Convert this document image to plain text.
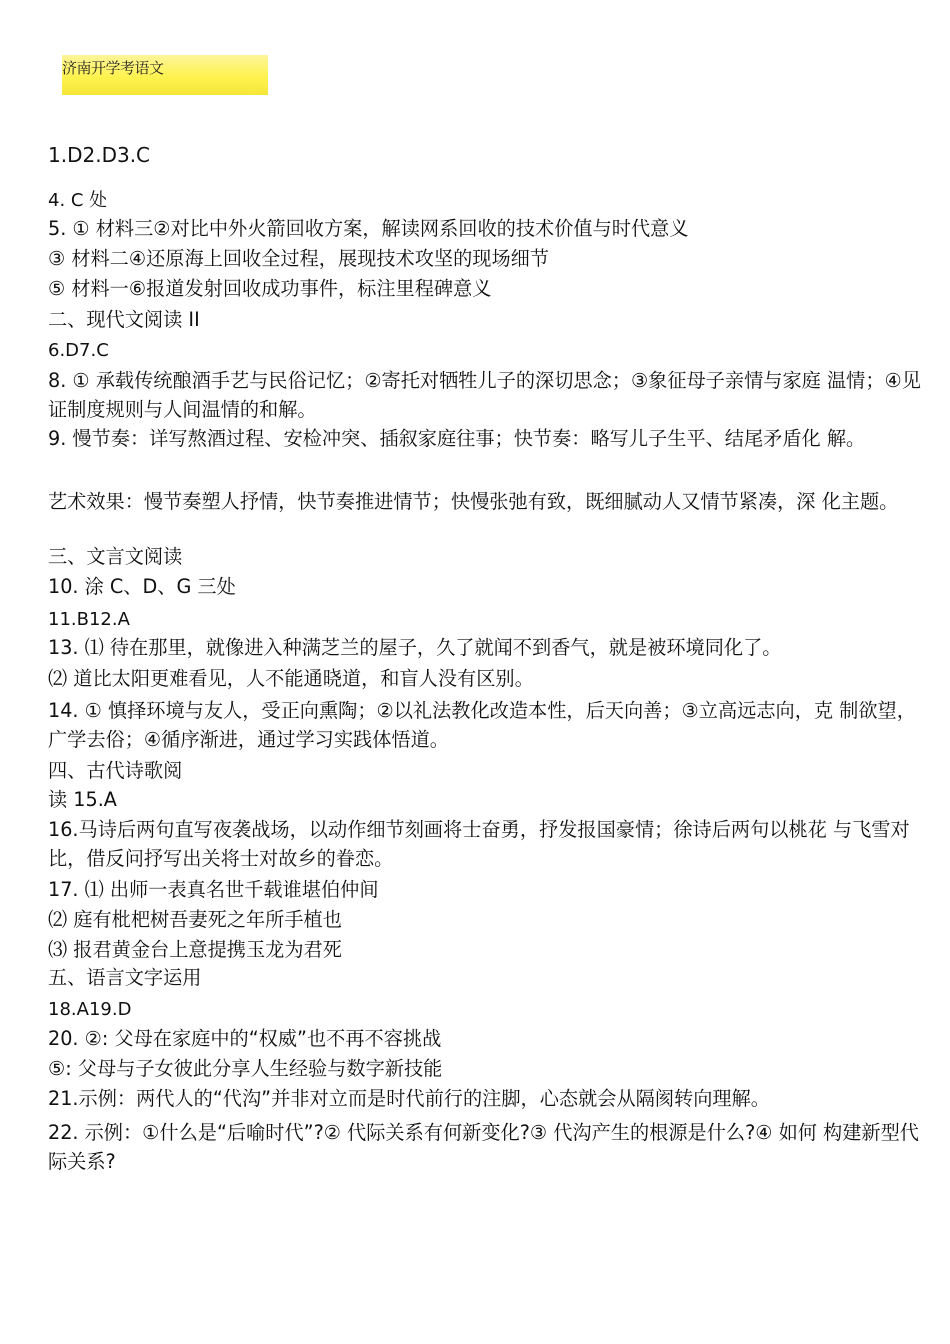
济南开学考语文
1.D2.D3.C
4. C 处
5. ① 材料三②对比中外火箭回收方案，解读网系回收的技术价值与时代意义
③ 材料二④还原海上回收全过程，展现技术攻坚的现场细节
⑤ 材料一⑥报道发射回收成功事件，标注里程碑意义
二、现代文阅读 II
6.D7.C
8. ① 承载传统酿酒手艺与民俗记忆；②寄托对牺牲儿子的深切思念；③象征母子亲情与家庭 温情；④见证制度规则与人间温情的和解。
9. 慢节奏：详写熬酒过程、安检冲突、插叙家庭往事；快节奏：略写儿子生平、结尾矛盾化 解。
艺术效果：慢节奏塑人抒情，快节奏推进情节；快慢张弛有致，既细腻动人又情节紧凑，深 化主题。
三、文言文阅读
10. 涂 C、D、G 三处
11.B12.A
13. ⑴ 待在那里，就像进入种满芝兰的屋子，久了就闻不到香气，就是被环境同化了。
⑵ 道比太阳更难看见，人不能通晓道，和盲人没有区别。
14. ① 慎择环境与友人，受正向熏陶；②以礼法教化改造本性，后天向善；③立高远志向，克 制欲望，广学去俗；④循序渐进，通过学习实践体悟道。
四、古代诗歌阅
读 15.A
16.马诗后两句直写夜袭战场，以动作细节刻画将士奋勇，抒发报国豪情；徐诗后两句以桃花 与飞雪对比，借反问抒写出关将士对故乡的眷恋。
17. ⑴ 出师一表真名世千载谁堪伯仲间
⑵ 庭有枇杷树吾妻死之年所手植也
⑶ 报君黄金台上意提携玉龙为君死
五、语言文字运用
18.A19.D
20. ②: 父母在家庭中的“权威”也不再不容挑战
⑤: 父母与子女彼此分享人生经验与数字新技能
21.示例：两代人的“代沟”并非对立而是时代前行的注脚，心态就会从隔阂转向理解。
22. 示例：①什么是“后喻时代”?② 代际关系有何新变化?③ 代沟产生的根源是什么?④ 如何 构建新型代际关系?
